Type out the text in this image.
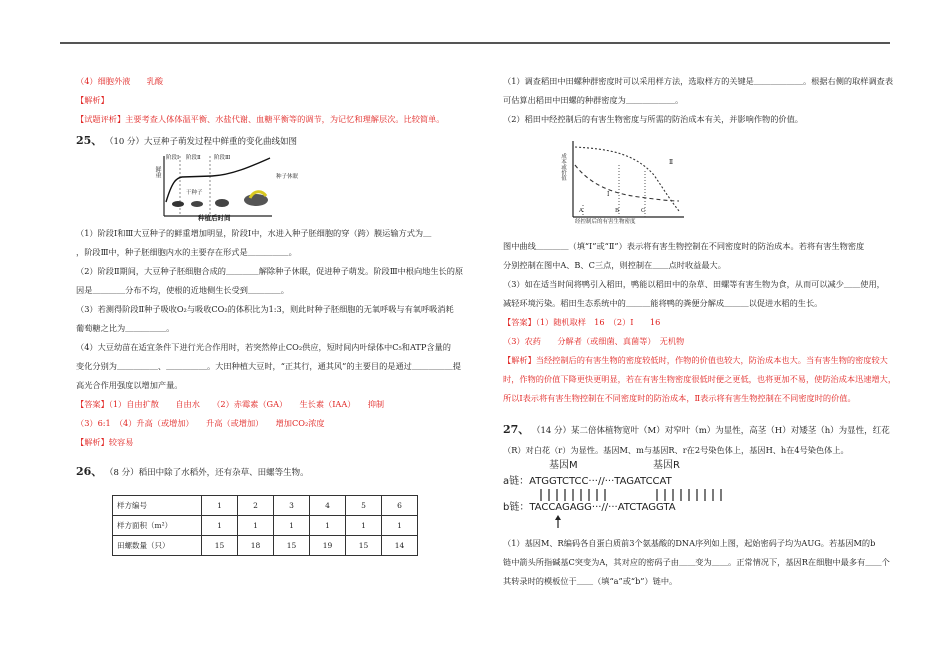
（4）细胞外液　　乳酸
【解析】
【试题评析】主要考查人体体温平衡、水盐代谢、血糖平衡等的调节，为记忆和理解层次。比较简单。
25、 （10 分）大豆种子萌发过程中鲜重的变化曲线如图
鲜重
阶段Ⅰ 阶段Ⅱ 阶段Ⅲ
种子休眠
干种子
种植后时间
（1）阶段Ⅰ和Ⅲ大豆种子的鲜重增加明显，阶段Ⅰ中，水进入种子胚细胞的穿（跨）膜运输方式为＿
，阶段Ⅲ中，种子胚细胞内水的主要存在形式是＿＿＿＿＿。
（2）阶段Ⅱ期间，大豆种子胚细胞合成的＿＿＿＿解除种子休眠，促进种子萌发。阶段Ⅲ中根向地生长的原
因是＿＿＿＿分布不均，使根的近地侧生长受到＿＿＿＿。
（3）若测得阶段Ⅱ种子吸收O₂与吸收CO₂的体积比为1:3，则此时种子胚细胞的无氧呼吸与有氧呼吸消耗
葡萄糖之比为＿＿＿＿＿。
（4）大豆幼苗在适宜条件下进行光合作用时，若突然停止CO₂供应，短时间内叶绿体中C₅和ATP含量的
变化分别为＿＿＿＿＿、＿＿＿＿＿。大田种植大豆时，“正其行，通其风”的主要目的是通过＿＿＿＿＿提
高光合作用强度以增加产量。
【答案】（1）自由扩散　　自由水　　（2）赤霉素（GA）　　生长素（IAA）　　抑制
（3）6:1　（4）升高（或增加）　　升高（或增加）　　增加CO₂浓度
【解析】较容易
26、 （8 分）稻田中除了水稻外，还有杂草、田螺等生物。
样方编号	1	2	3	4	5	6
样方面积（m²）	1	1	1	1	1	1
田螺数量（只）	15	18	15	19	15	14
（1）调查稻田中田螺种群密度时可以采用样方法，选取样方的关键是＿＿＿＿＿＿。根据右侧的取样调查表
可估算出稻田中田螺的种群密度为＿＿＿＿＿＿。
（2）稻田中经控制后的有害生物密度与所需的防治成本有关，并影响作物的价值。
成本或价值
Ⅰ
Ⅱ
A	B	C
经控制后的有害生物密度
图中曲线＿＿＿＿（填“Ⅰ”或“Ⅱ”）表示将有害生物控制在不同密度时的防治成本。若将有害生物密度
分别控制在图中A、B、C三点，则控制在＿＿点时收益最大。
（3）如在适当时间将鸭引入稻田，鸭能以稻田中的杂草、田螺等有害生物为食，从而可以减少＿＿使用，
减轻环境污染。稻田生态系统中的＿＿＿能将鸭的粪便分解成＿＿＿以促进水稻的生长。
【答案】（1）随机取样　16　（2）Ⅰ　　16
（3）农药　　分解者（或细菌、真菌等）　无机物
【解析】当经控制后的有害生物的密度较低时，作物的价值也较大，防治成本也大。当有害生物的密度较大
时，作物的价值下降更快更明显，若在有害生物密度很低时便之更低，也将更加不易，使防治成本迅速增大，
所以Ⅰ表示将有害生物控制在不同密度时的防治成本，Ⅱ表示将有害生物控制在不同密度时的价值。
27、 （14 分）某二倍体植物宽叶（M）对窄叶（m）为显性，高茎（H）对矮茎（h）为显性，红花
（R）对白花（r）为显性。基因M、m与基因R、r在2号染色体上，基因H、h在4号染色体上。
基因M	基因R
a链：ATGGTCTCC···//···TAGATCCAT
b链：TACCAGAGG···//···ATCTAGGTA
（1）基因M、R编码各自蛋白质前3个氨基酸的DNA序列如上图，起始密码子均为AUG。若基因M的b
链中箭头所指碱基C突变为A，其对应的密码子由＿＿变为＿＿。正常情况下，基因R在细胞中最多有＿＿个
其转录时的模板位于＿＿（填“a”或“b”）链中。
